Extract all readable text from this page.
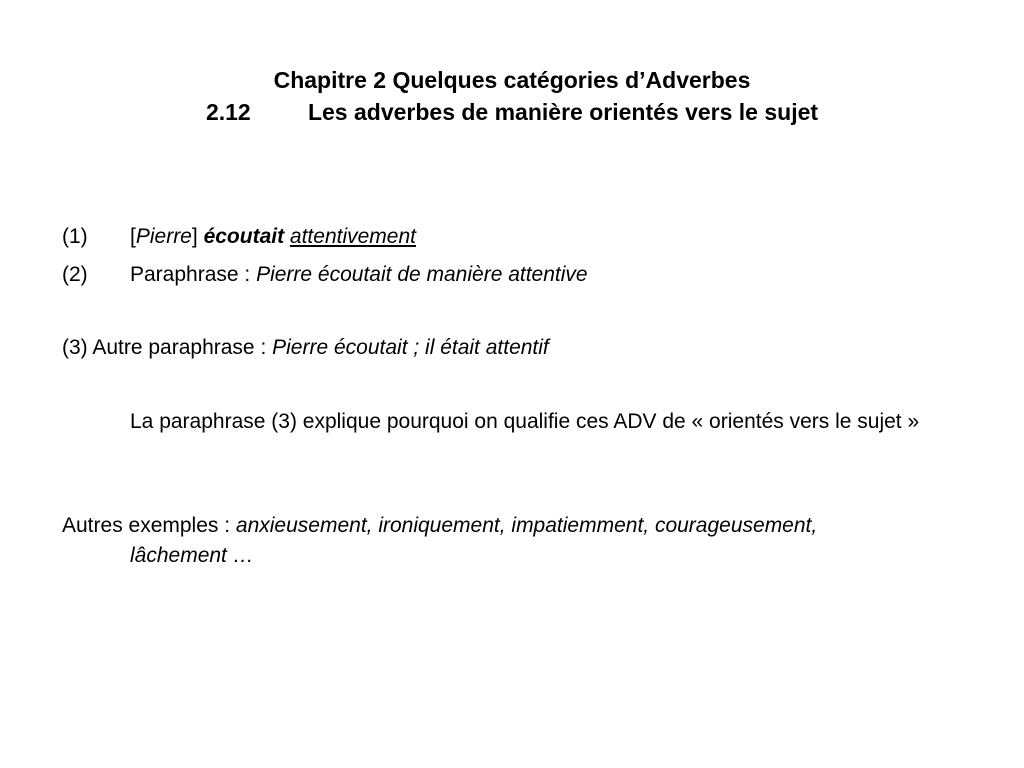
Chapitre 2 Quelques catégories d’Adverbes
2.12 Les adverbes de manière orientés vers le sujet
(1) [Pierre] écoutait attentivement
(2) Paraphrase : Pierre écoutait de manière attentive
(3) Autre paraphrase : Pierre écoutait ; il était attentif
La paraphrase (3) explique pourquoi on qualifie ces ADV de « orientés vers le sujet »
Autres exemples : anxieusement, ironiquement, impatiemment, courageusement, lâchement …
